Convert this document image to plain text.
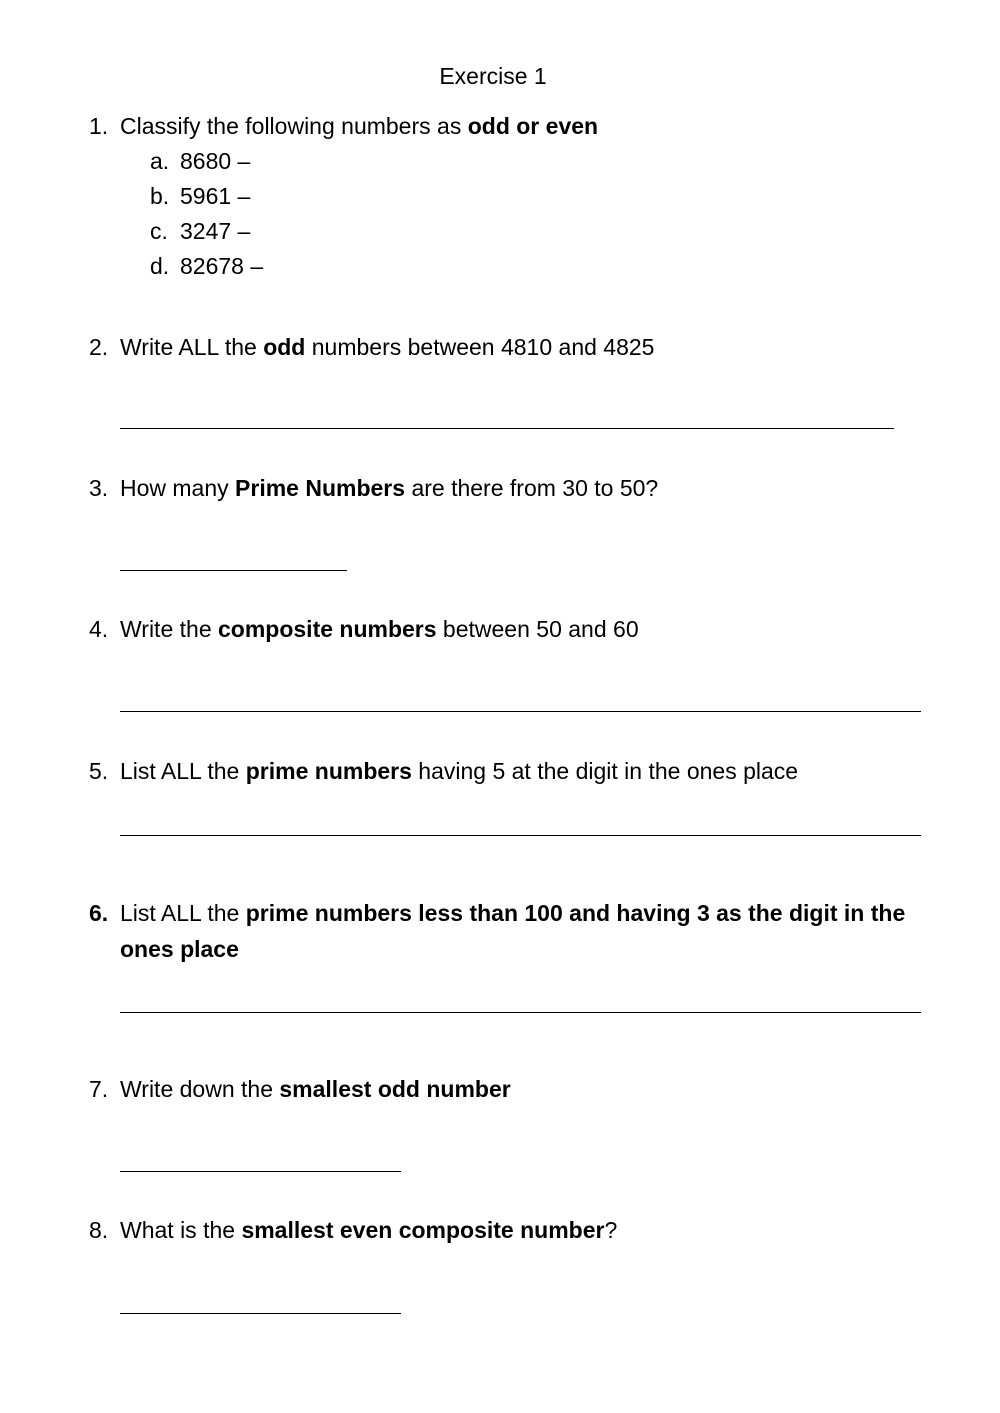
Exercise 1
1. Classify the following numbers as odd or even
a. 8680 –
b. 5961 –
c. 3247 –
d. 82678 –
2. Write ALL the odd numbers between 4810 and 4825
3. How many Prime Numbers are there from 30 to 50?
4. Write the composite numbers between 50 and 60
5. List ALL the prime numbers having 5 at the digit in the ones place
6. List ALL the prime numbers less than 100 and having 3 as the digit in the
ones place
7. Write down the smallest odd number
8. What is the smallest even composite number?
